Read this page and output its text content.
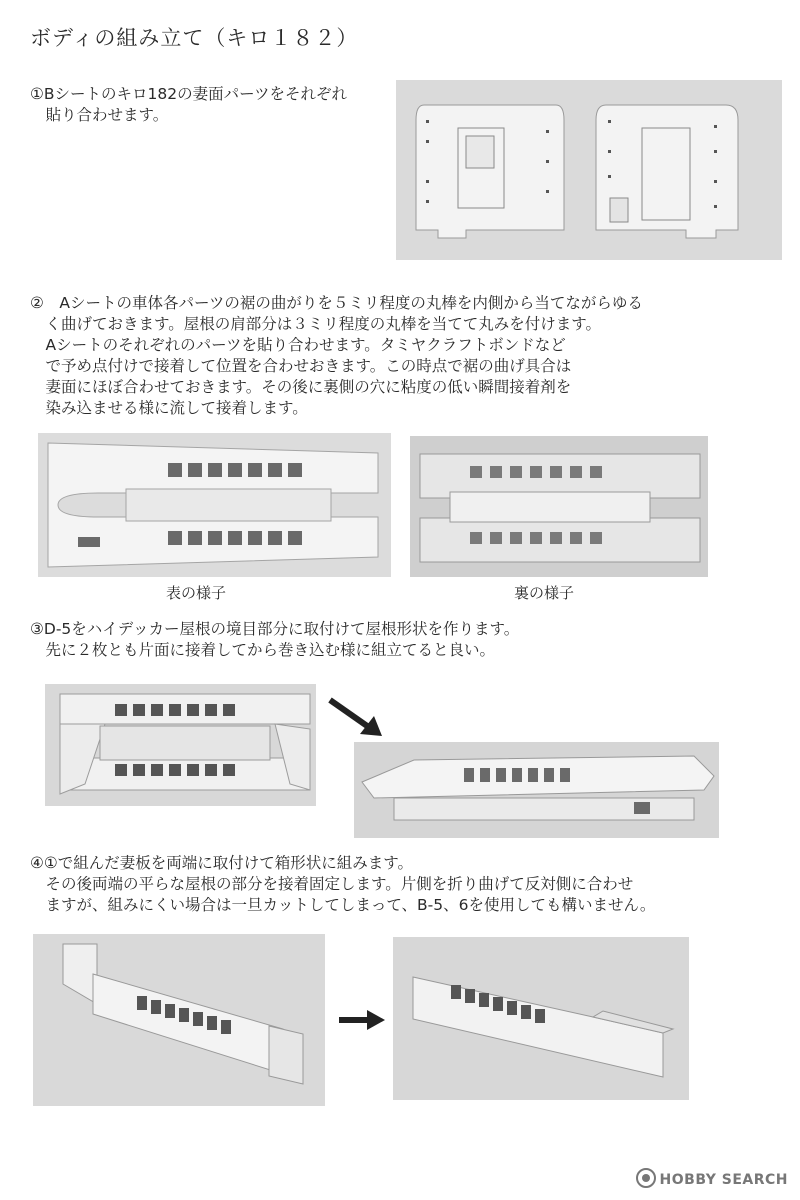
ボディの組み立て（キロ１８２）
①Bシートのキロ182の妻面パーツをそれぞれ
　貼り合わせます。
②　Aシートの車体各パーツの裾の曲がりを５ミリ程度の丸棒を内側から当てながらゆる
　く曲げておきます。屋根の肩部分は３ミリ程度の丸棒を当てて丸みを付けます。
　Aシートのそれぞれのパーツを貼り合わせます。タミヤクラフトボンドなど
　で予め点付けで接着して位置を合わせおきます。この時点で裾の曲げ具合は
　妻面にほぼ合わせておきます。その後に裏側の穴に粘度の低い瞬間接着剤を
　染み込ませる様に流して接着します。
表の様子	裏の様子
③D-5をハイデッカー屋根の境目部分に取付けて屋根形状を作ります。
　先に２枚とも片面に接着してから巻き込む様に組立てると良い。
④①で組んだ妻板を両端に取付けて箱形状に組みます。
　その後両端の平らな屋根の部分を接着固定します。片側を折り曲げて反対側に合わせ
　ますが、組みにくい場合は一旦カットしてしまって、B-5、6を使用しても構いません。
HOBBY SEARCH
